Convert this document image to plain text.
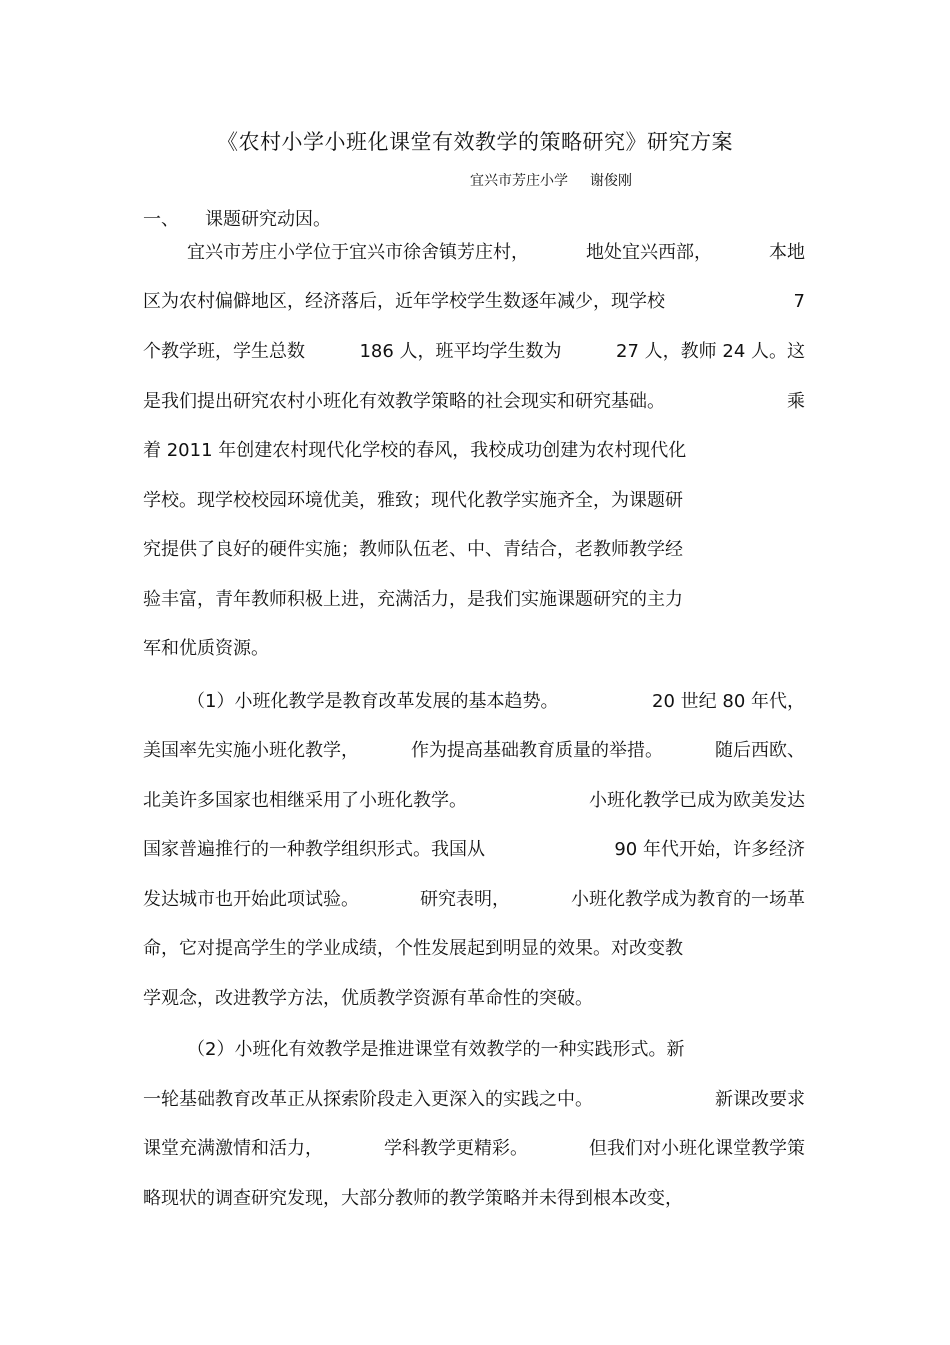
《农村小学小班化课堂有效教学的策略研究》研究方案
宜兴市芳庄小学 谢俊刚
一、 课题研究动因。
宜兴市芳庄小学位于宜兴市徐舍镇芳庄村，	地处宜兴西部，	本地
区为农村偏僻地区，经济落后，近年学校学生数逐年减少，现学校	7
个教学班，学生总数	186 人，班平均学生数为	27 人，教师 24 人。这
是我们提出研究农村小班化有效教学策略的社会现实和研究基础。	乘
着 2011 年创建农村现代化学校的春风，我校成功创建为农村现代化
学校。现学校校园环境优美，雅致；现代化教学实施齐全，为课题研
究提供了良好的硬件实施；教师队伍老、中、青结合，老教师教学经
验丰富，青年教师积极上进，充满活力，是我们实施课题研究的主力
军和优质资源。
（1）小班化教学是教育改革发展的基本趋势。	20 世纪 80 年代，
美国率先实施小班化教学，	作为提高基础教育质量的举措。	随后西欧、
北美许多国家也相继采用了小班化教学。	小班化教学已成为欧美发达
国家普遍推行的一种教学组织形式。我国从	90 年代开始，许多经济
发达城市也开始此项试验。	研究表明，	小班化教学成为教育的一场革
命，它对提高学生的学业成绩，个性发展起到明显的效果。对改变教
学观念，改进教学方法，优质教学资源有革命性的突破。
（2）小班化有效教学是推进课堂有效教学的一种实践形式。新
一轮基础教育改革正从探索阶段走入更深入的实践之中。	新课改要求
课堂充满激情和活力，	学科教学更精彩。	但我们对小班化课堂教学策
略现状的调查研究发现，大部分教师的教学策略并未得到根本改变，
